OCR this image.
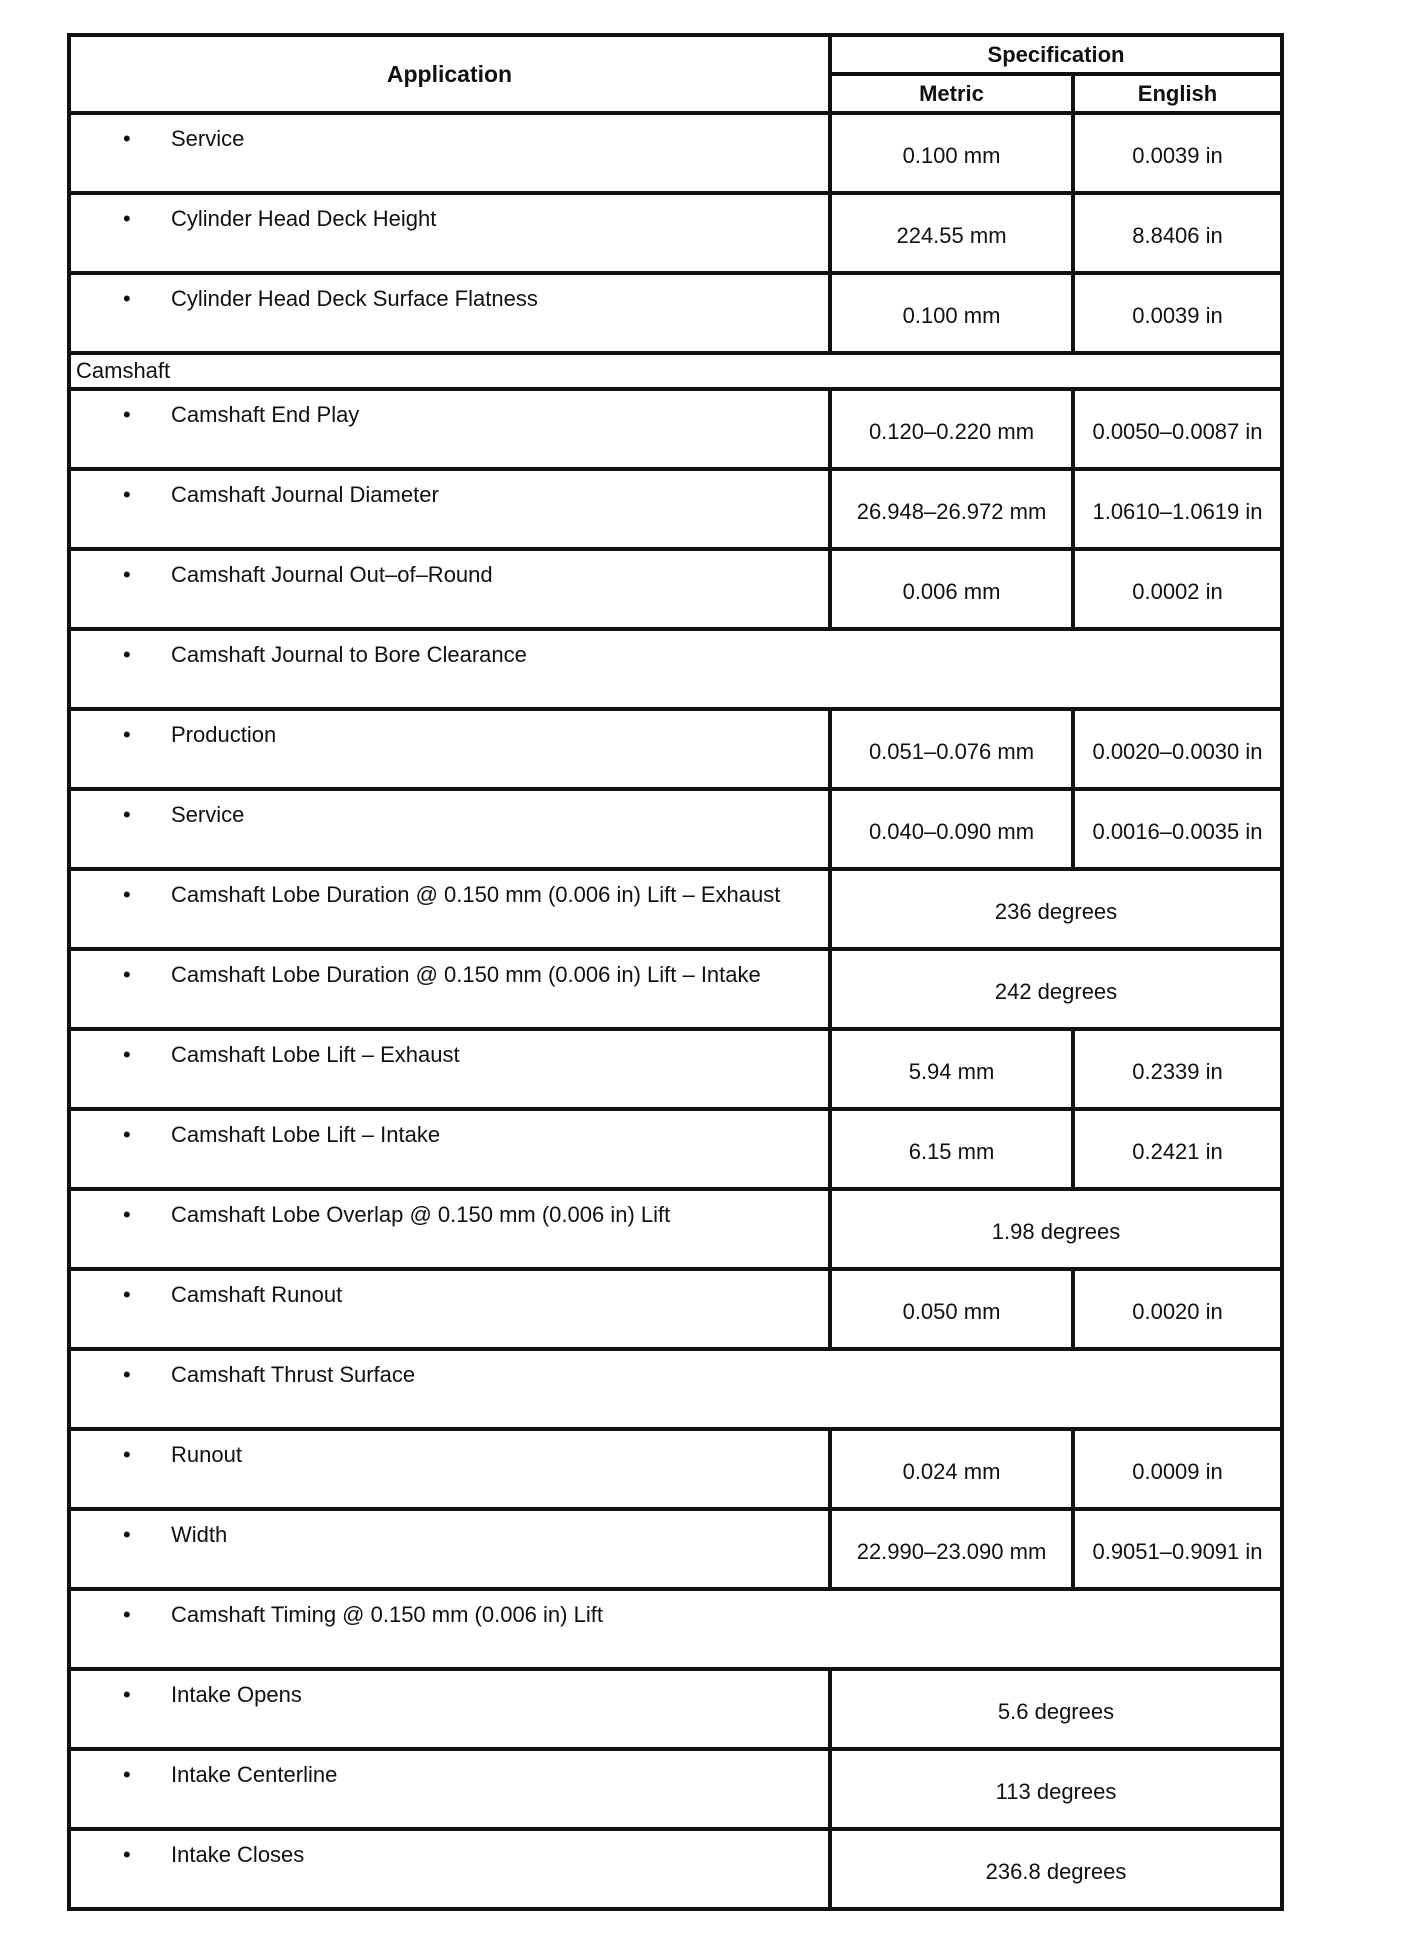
Application	Specification	
	Metric	English

• Service	0.100 mm	0.0039 in

• Cylinder Head Deck Height	224.55 mm	8.8406 in

• Cylinder Head Deck Surface Flatness	0.100 mm	0.0039 in
Camshaft		

• Camshaft End Play	0.120–0.220 mm	0.0050–0.0087 in

• Camshaft Journal Diameter	26.948–26.972 mm	1.0610–1.0619 in

• Camshaft Journal Out–of–Round	0.006 mm	0.0002 in

• Camshaft Journal to Bore Clearance		

• Production	0.051–0.076 mm	0.0020–0.0030 in

• Service	0.040–0.090 mm	0.0016–0.0035 in

• Camshaft Lobe Duration @ 0.150 mm (0.006 in) Lift – Exhaust	236 degrees	

• Camshaft Lobe Duration @ 0.150 mm (0.006 in) Lift – Intake	242 degrees	

• Camshaft Lobe Lift – Exhaust	5.94 mm	0.2339 in

• Camshaft Lobe Lift – Intake	6.15 mm	0.2421 in

• Camshaft Lobe Overlap @ 0.150 mm (0.006 in) Lift	1.98 degrees	

• Camshaft Runout	0.050 mm	0.0020 in

• Camshaft Thrust Surface		

• Runout	0.024 mm	0.0009 in

• Width	22.990–23.090 mm	0.9051–0.9091 in

• Camshaft Timing @ 0.150 mm (0.006 in) Lift		

• Intake Opens	5.6 degrees	

• Intake Centerline	113 degrees	

• Intake Closes	236.8 degrees	
